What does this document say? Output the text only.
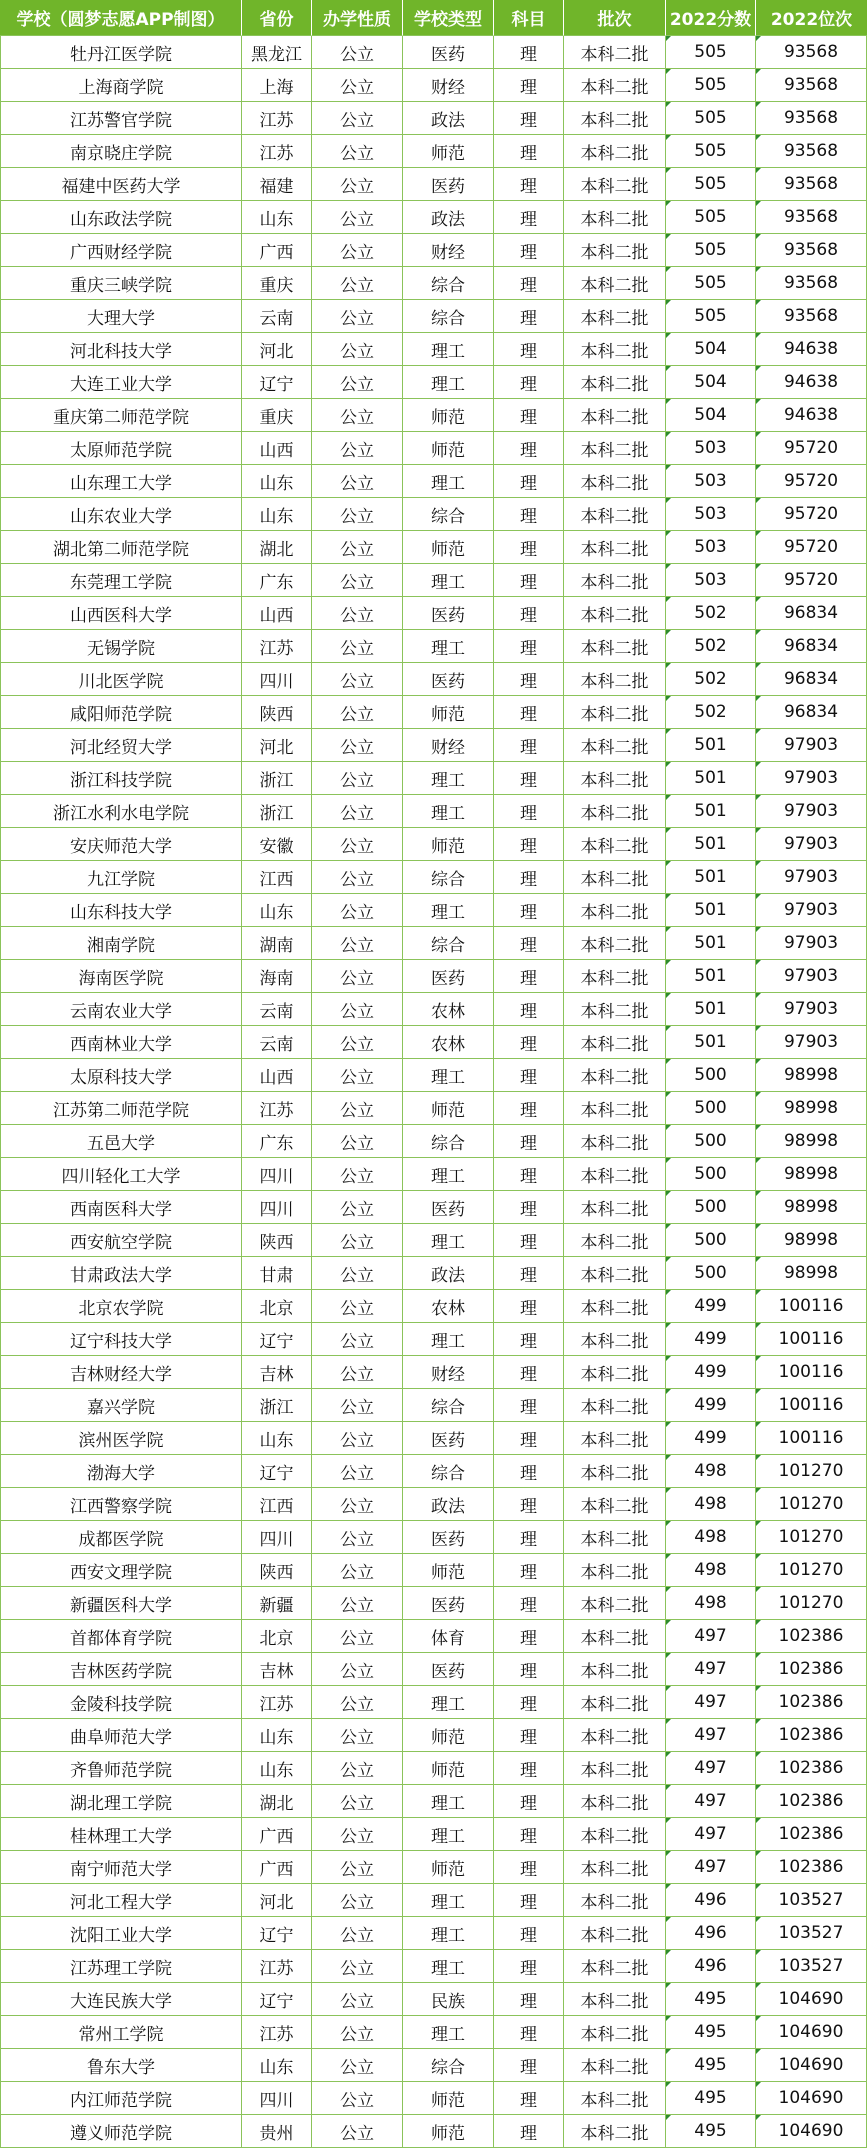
学校（圆梦志愿APP制图）	省份	办学性质	学校类型	科目	批次	2022分数	2022位次
牡丹江医学院	黑龙江	公立	医药	理	本科二批	505	93568
上海商学院	上海	公立	财经	理	本科二批	505	93568
江苏警官学院	江苏	公立	政法	理	本科二批	505	93568
南京晓庄学院	江苏	公立	师范	理	本科二批	505	93568
福建中医药大学	福建	公立	医药	理	本科二批	505	93568
山东政法学院	山东	公立	政法	理	本科二批	505	93568
广西财经学院	广西	公立	财经	理	本科二批	505	93568
重庆三峡学院	重庆	公立	综合	理	本科二批	505	93568
大理大学	云南	公立	综合	理	本科二批	505	93568
河北科技大学	河北	公立	理工	理	本科二批	504	94638
大连工业大学	辽宁	公立	理工	理	本科二批	504	94638
重庆第二师范学院	重庆	公立	师范	理	本科二批	504	94638
太原师范学院	山西	公立	师范	理	本科二批	503	95720
山东理工大学	山东	公立	理工	理	本科二批	503	95720
山东农业大学	山东	公立	综合	理	本科二批	503	95720
湖北第二师范学院	湖北	公立	师范	理	本科二批	503	95720
东莞理工学院	广东	公立	理工	理	本科二批	503	95720
山西医科大学	山西	公立	医药	理	本科二批	502	96834
无锡学院	江苏	公立	理工	理	本科二批	502	96834
川北医学院	四川	公立	医药	理	本科二批	502	96834
咸阳师范学院	陕西	公立	师范	理	本科二批	502	96834
河北经贸大学	河北	公立	财经	理	本科二批	501	97903
浙江科技学院	浙江	公立	理工	理	本科二批	501	97903
浙江水利水电学院	浙江	公立	理工	理	本科二批	501	97903
安庆师范大学	安徽	公立	师范	理	本科二批	501	97903
九江学院	江西	公立	综合	理	本科二批	501	97903
山东科技大学	山东	公立	理工	理	本科二批	501	97903
湘南学院	湖南	公立	综合	理	本科二批	501	97903
海南医学院	海南	公立	医药	理	本科二批	501	97903
云南农业大学	云南	公立	农林	理	本科二批	501	97903
西南林业大学	云南	公立	农林	理	本科二批	501	97903
太原科技大学	山西	公立	理工	理	本科二批	500	98998
江苏第二师范学院	江苏	公立	师范	理	本科二批	500	98998
五邑大学	广东	公立	综合	理	本科二批	500	98998
四川轻化工大学	四川	公立	理工	理	本科二批	500	98998
西南医科大学	四川	公立	医药	理	本科二批	500	98998
西安航空学院	陕西	公立	理工	理	本科二批	500	98998
甘肃政法大学	甘肃	公立	政法	理	本科二批	500	98998
北京农学院	北京	公立	农林	理	本科二批	499	100116
辽宁科技大学	辽宁	公立	理工	理	本科二批	499	100116
吉林财经大学	吉林	公立	财经	理	本科二批	499	100116
嘉兴学院	浙江	公立	综合	理	本科二批	499	100116
滨州医学院	山东	公立	医药	理	本科二批	499	100116
渤海大学	辽宁	公立	综合	理	本科二批	498	101270
江西警察学院	江西	公立	政法	理	本科二批	498	101270
成都医学院	四川	公立	医药	理	本科二批	498	101270
西安文理学院	陕西	公立	师范	理	本科二批	498	101270
新疆医科大学	新疆	公立	医药	理	本科二批	498	101270
首都体育学院	北京	公立	体育	理	本科二批	497	102386
吉林医药学院	吉林	公立	医药	理	本科二批	497	102386
金陵科技学院	江苏	公立	理工	理	本科二批	497	102386
曲阜师范大学	山东	公立	师范	理	本科二批	497	102386
齐鲁师范学院	山东	公立	师范	理	本科二批	497	102386
湖北理工学院	湖北	公立	理工	理	本科二批	497	102386
桂林理工大学	广西	公立	理工	理	本科二批	497	102386
南宁师范大学	广西	公立	师范	理	本科二批	497	102386
河北工程大学	河北	公立	理工	理	本科二批	496	103527
沈阳工业大学	辽宁	公立	理工	理	本科二批	496	103527
江苏理工学院	江苏	公立	理工	理	本科二批	496	103527
大连民族大学	辽宁	公立	民族	理	本科二批	495	104690
常州工学院	江苏	公立	理工	理	本科二批	495	104690
鲁东大学	山东	公立	综合	理	本科二批	495	104690
内江师范学院	四川	公立	师范	理	本科二批	495	104690
遵义师范学院	贵州	公立	师范	理	本科二批	495	104690
